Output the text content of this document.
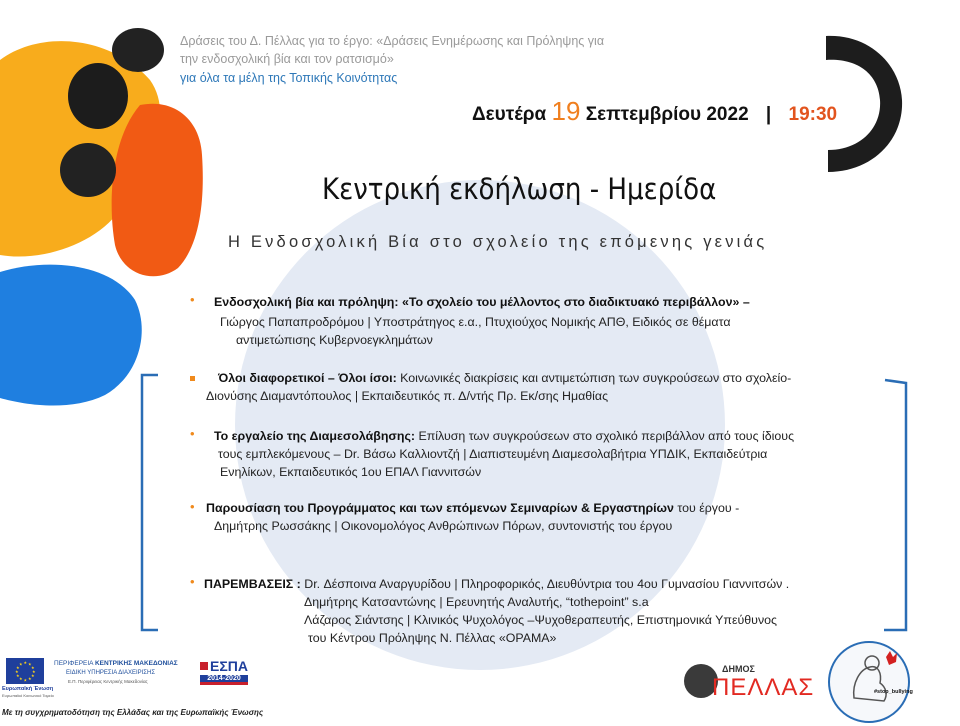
Δράσεις του Δ. Πέλλας για το έργο: «Δράσεις Ενημέρωσης και Πρόληψης για
την ενδοσχολική βία και τον ρατσισμό»
για όλα τα μέλη της Τοπικής Κοινότητας
Δευτέρα 19 Σεπτεμβρίου 2022 | 19:30
Κεντρική εκδήλωση - Ημερίδα
Η Ενδοσχολική Βία στο σχολείο της επόμενης γενιάς
• Ενδοσχολική βία και πρόληψη: «Το σχολείο του μέλλοντος στο διαδικτυακό περιβάλλον» –
Γιώργος Παπαπροδρόμου | Υποστράτηγος ε.α., Πτυχιούχος Νομικής ΑΠΘ, Ειδικός σε θέματα
αντιμετώπισης Κυβερνοεγκλημάτων
Όλοι διαφορετικοί – Όλοι ίσοι: Κοινωνικές διακρίσεις και αντιμετώπιση των συγκρούσεων στο σχολείο-
Διονύσης Διαμαντόπουλος | Εκπαιδευτικός π. Δ/ντής Πρ. Εκ/σης Ημαθίας
• Το εργαλείο της Διαμεσολάβησης: Επίλυση των συγκρούσεων στο σχολικό περιβάλλον από τους ίδιους
τους εμπλεκόμενους – Dr. Βάσω Καλλιοντζή | Διαπιστευμένη Διαμεσολαβήτρια ΥΠΔΙΚ, Εκπαιδεύτρια
Ενηλίκων, Εκπαιδευτικός 1ου ΕΠΑΛ Γιαννιτσών
• Παρουσίαση του Προγράμματος και των επόμενων Σεμιναρίων & Εργαστηρίων του έργου -
Δημήτρης Ρωσσάκης | Οικονομολόγος Ανθρώπινων Πόρων, συντονιστής του έργου
• ΠΑΡΕΜΒΑΣΕΙΣ : Dr. Δέσποινα Αναργυρίδου | Πληροφορικός, Διευθύντρια του 4ου Γυμνασίου Γιαννιτσών .
Δημήτρης Κατσαντώνης | Ερευνητής Αναλυτής, “tothepoint” s.a
Λάζαρος Σιάντσης | Κλινικός Ψυχολόγος –Ψυχοθεραπευτής, Επιστημονικά Υπεύθυνος
του Κέντρου Πρόληψης Ν. Πέλλας «ΟΡΑΜΑ»
★ ★
★
★
★
★
★
★
★
★
★
★
Ευρωπαϊκή Ένωση
Ευρωπαϊκό Κοινωνικό Ταμείο
ΠΕΡΙΦΕΡΕΙΑ ΚΕΝΤΡΙΚΗΣ ΜΑΚΕΔΟΝΙΑΣ
ΕΙΔΙΚΗ ΥΠΗΡΕΣΙΑ ΔΙΑΧΕΙΡΙΣΗΣ
Ε.Π. Περιφέρειας Κεντρικής Μακεδονίας
ΕΣΠΑ
2014-2020
Με τη συγχρηματοδότηση της Ελλάδας και της Ευρωπαϊκής Ένωσης
ΔΗΜΟΣ
ΠΕΛΛΑΣ	#stop_bullying
